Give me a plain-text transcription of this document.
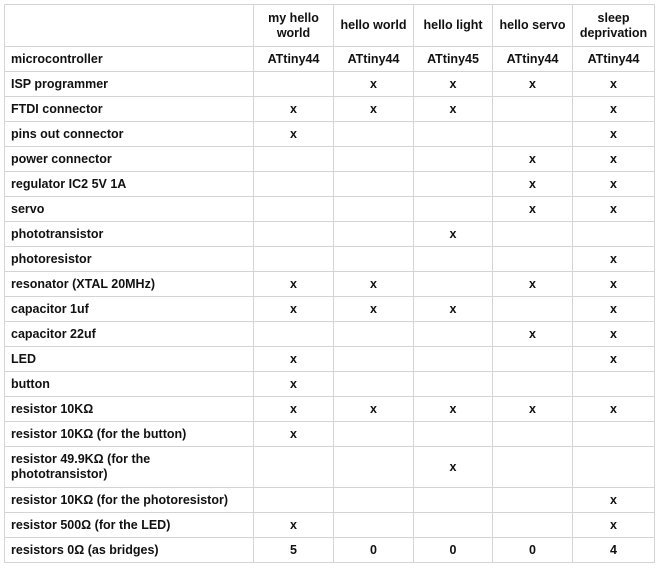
	my hello world	hello world	hello light	hello servo	sleep deprivation
microcontroller	ATtiny44	ATtiny44	ATtiny45	ATtiny44	ATtiny44
ISP programmer		x	x	x	x
FTDI connector	x	x	x		x
pins out connector	x				x
power connector				x	x
regulator IC2 5V 1A				x	x
servo				x	x
phototransistor			x		
photoresistor					x
resonator (XTAL 20MHz)	x	x		x	x
capacitor 1uf	x	x	x		x
capacitor 22uf				x	x
LED	x				x
button	x				
resistor 10KΩ	x	x	x	x	x
resistor 10KΩ (for the button)	x				
resistor 49.9KΩ (for the phototransistor)			x		
resistor 10KΩ (for the photoresistor)					x
resistor 500Ω (for the LED)	x				x
resistors 0Ω (as bridges)	5	0	0	0	4
